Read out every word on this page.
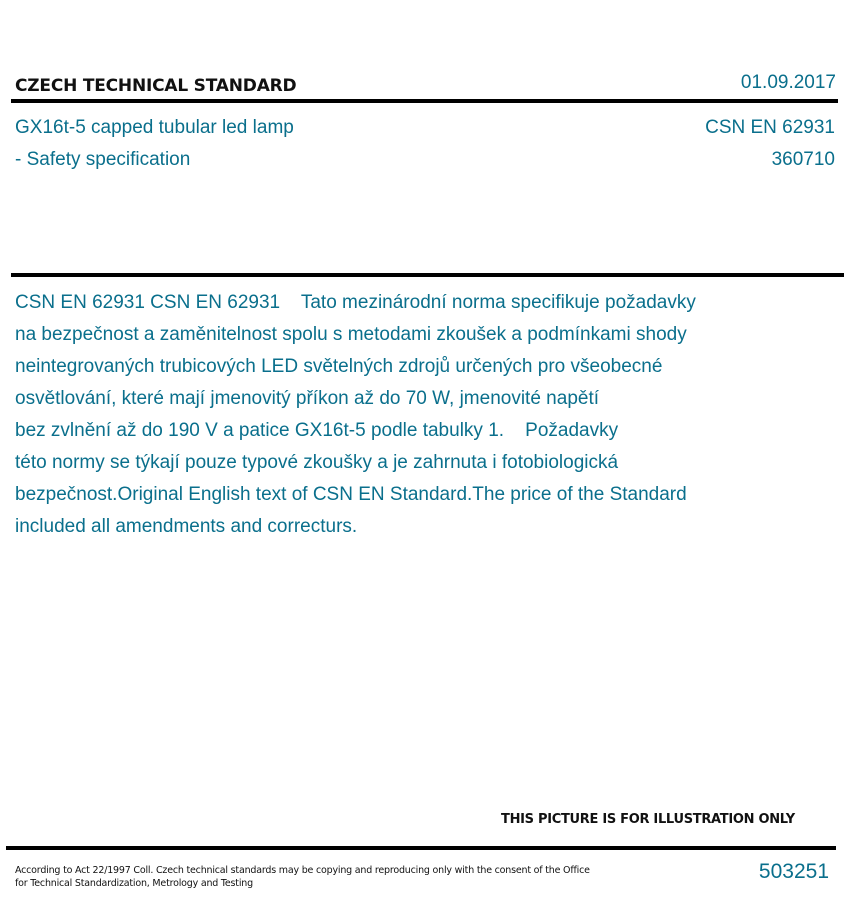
CZECH TECHNICAL STANDARD	01.09.2017
GX16t-5 capped tubular led lamp
- Safety specification
CSN EN 62931
360710
CSN EN 62931 CSN EN 62931    Tato mezinárodní norma specifikuje požadavky
na bezpečnost a zaměnitelnost spolu s metodami zkoušek a podmínkami shody
neintegrovaných trubicových LED světelných zdrojů určených pro všeobecné
osvětlování, které mají jmenovitý příkon až do 70 W, jmenovité napětí
bez zvlnění až do 190 V a patice GX16t-5 podle tabulky 1.    Požadavky
této normy se týkají pouze typové zkoušky a je zahrnuta i fotobiologická
bezpečnost.Original English text of CSN EN Standard.The price of the Standard
included all amendments and correcturs.
THIS PICTURE IS FOR ILLUSTRATION ONLY
According to Act 22/1997 Coll. Czech technical standards may be copying and reproducing only with the consent of the Office
for Technical Standardization, Metrology and Testing
503251
